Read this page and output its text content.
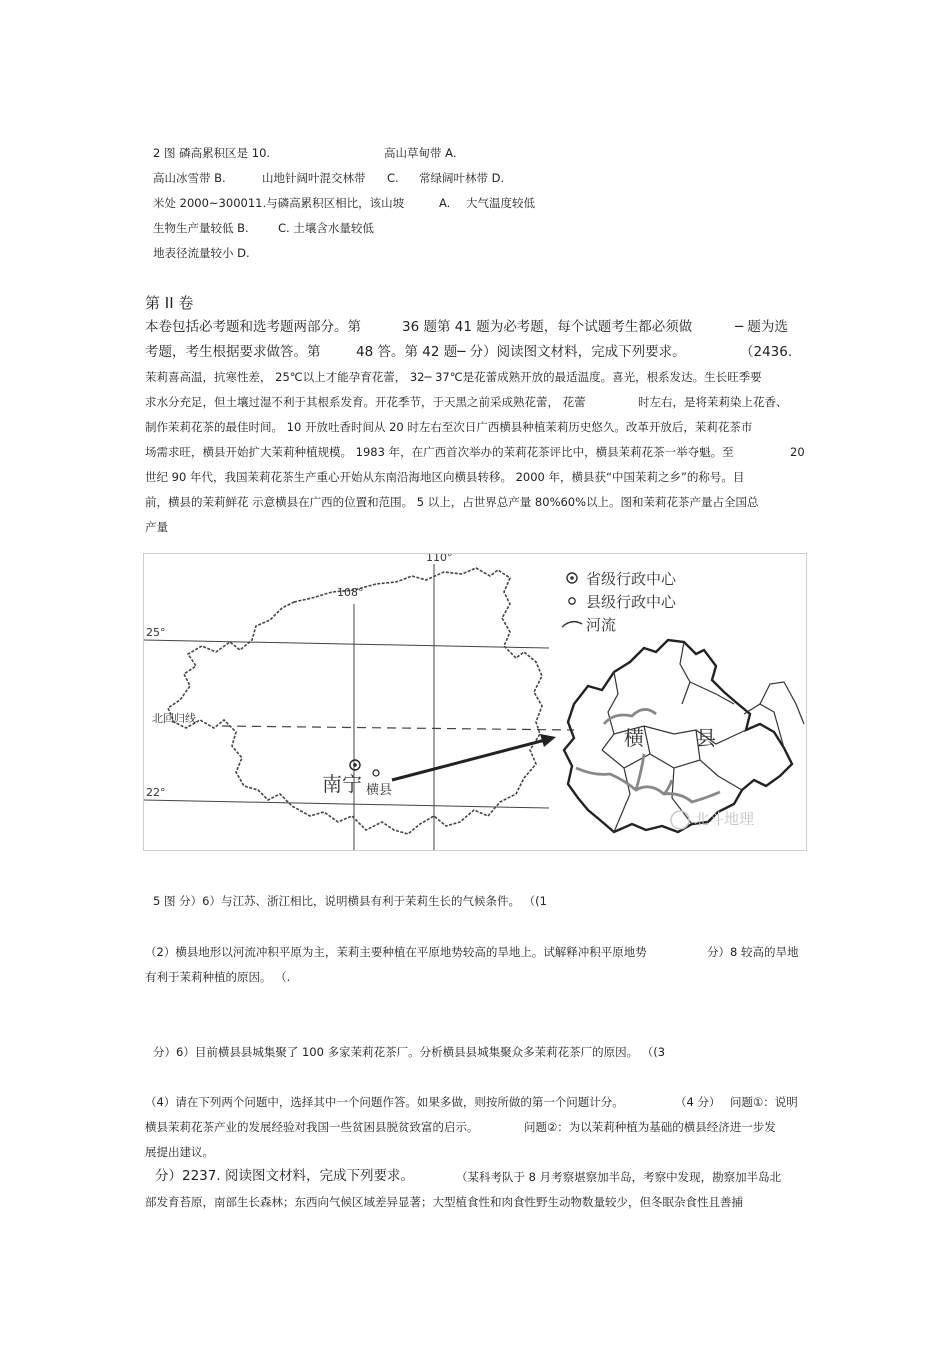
2 图 磷高累积区是 10.	高山草甸带 A.
高山冰雪带 B.	山地针阔叶混交林带 C. 常绿阔叶林带 D.
米处 2000~300011.与磷高累积区相比，该山坡	A. 大气温度较低
生物生产量较低 B.	C. 土壤含水量较低
地表径流量较小 D.
第 II 卷
本卷包括必考题和选考题两部分。第	36 题第 41 题为必考题，每个试题考生都必须做	─ 题为选
考题，考生根据要求做答。第	48 答。第 42 题─ 分）阅读图文材料，完成下列要求。	（2436.
茉莉喜高温，抗寒性差， 25℃以上才能孕育花蕾， 32─ 37℃是花蕾成熟开放的最适温度。喜光，根系发达。生长旺季要
求水分充足，但土壤过湿不利于其根系发育。开花季节，于天黑之前采成熟花蕾， 花蕾	时左右，是将茉莉染上花香、
制作茉莉花茶的最佳时间。 10 开放吐香时间从 20 时左右至次日广西横县种植茉莉历史悠久。改革开放后，茉莉花茶市
场需求旺，横县开始扩大茉莉种植规模。 1983 年，在广西首次举办的茉莉花茶评比中，横县茉莉花茶一举夺魁。至	20
世纪 90 年代，我国茉莉花茶生产重心开始从东南沿海地区向横县转移。 2000 年，横县获“中国茉莉之乡”的称号。目
前，横县的茉莉鲜花 示意横县在广西的位置和范围。 5 以上，占世界总产量 80%60%以上。图和茉莉花茶产量占全国总
产量
110°
108°
25°
22°
北回归线
南宁 横县
省级行政中心
县级行政中心
河流
横	县
北斗地理
5 图 分）6）与江苏、浙江相比，说明横县有利于茉莉生长的气候条件。 （(1
（2）横县地形以河流冲积平原为主，茉莉主要种植在平原地势较高的旱地上。试解释冲积平原地势	分）8 较高的旱地
有利于茉莉种植的原因。 （.
分）6）目前横县县城集聚了 100 多家茉莉花茶厂。分析横县县城集聚众多茉莉花茶厂的原因。 （(3
（4）请在下列两个问题中，选择其中一个问题作答。如果多做，则按所做的第一个问题计分。	（4 分） 问题①：说明
横县茉莉花茶产业的发展经验对我国一些贫困县脱贫致富的启示。	问题②：为以茉莉种植为基础的横县经济进一步发
展提出建议。
分）2237. 阅读图文材料，完成下列要求。	（某科考队于 8 月考察堪察加半岛，考察中发现，勘察加半岛北
部发育苔原，南部生长森林；东西向气候区域差异显著；大型植食性和肉食性野生动物数量较少，但冬眠杂食性且善捕
